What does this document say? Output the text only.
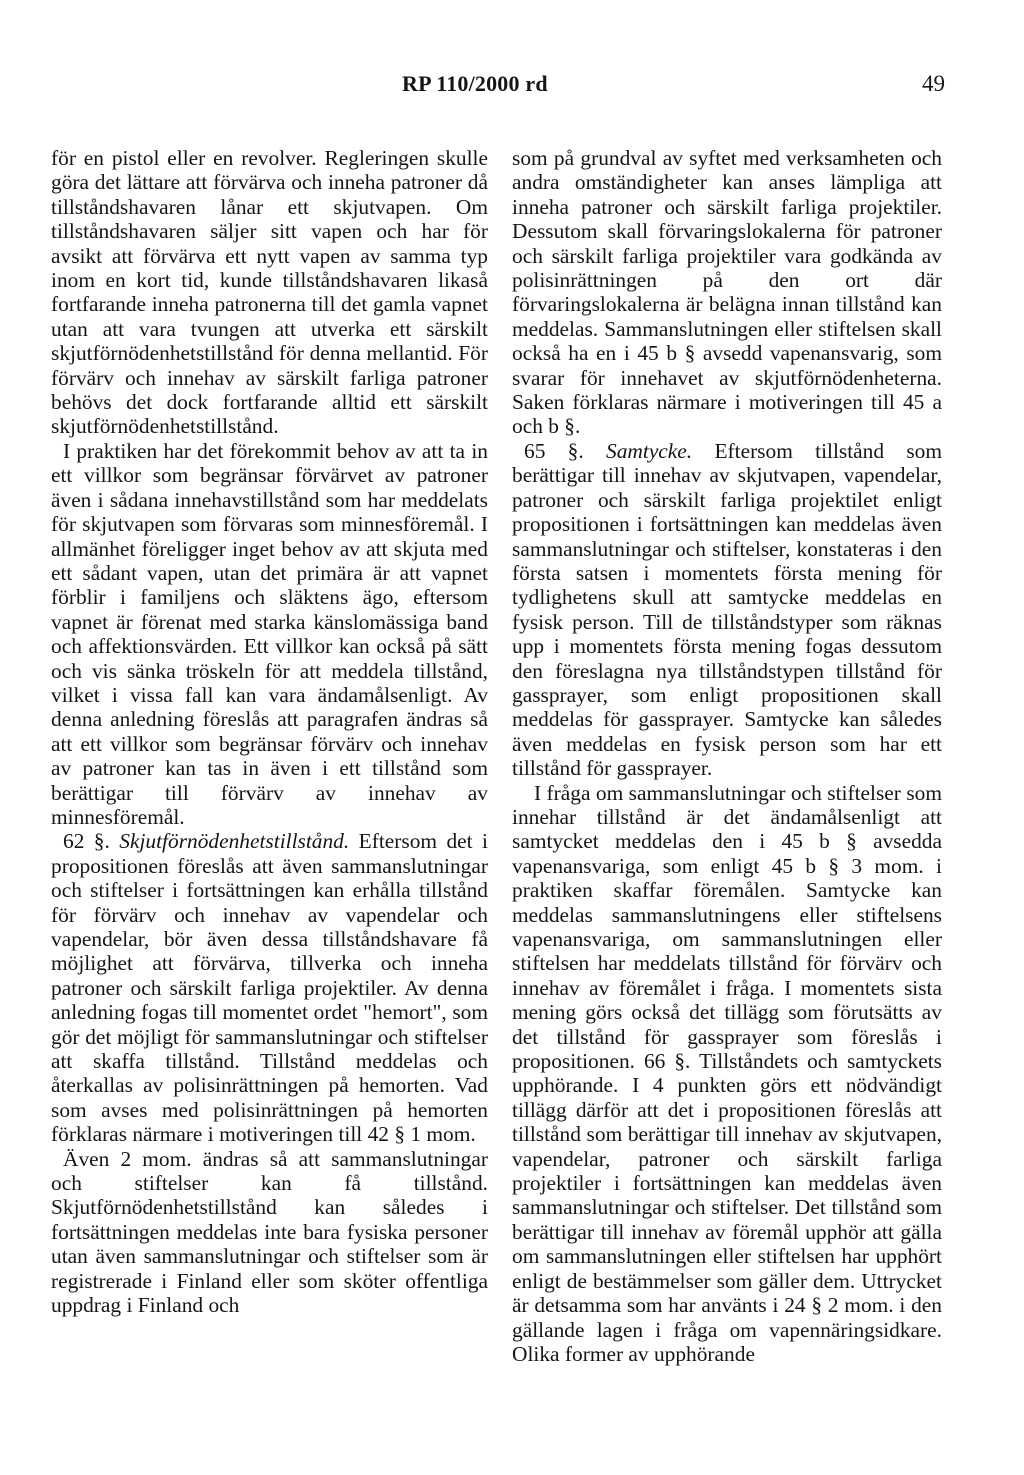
RP 110/2000 rd	49

för en pistol eller en revolver. Regleringen skulle göra det lättare att förvärva och inneha patroner då tillståndshavaren lånar ett skjutvapen. Om tillståndshavaren säljer sitt vapen och har för avsikt att förvärva ett nytt vapen av samma typ inom en kort tid, kunde tillståndshavaren likaså fortfarande inneha patronerna till det gamla vapnet utan att vara tvungen att utverka ett särskilt skjutförnödenhetstillstånd för denna mellantid. För förvärv och innehav av särskilt farliga patroner behövs det dock fortfarande alltid ett särskilt skjutförnödenhetstillstånd.

I praktiken har det förekommit behov av att ta in ett villkor som begränsar förvärvet av patroner även i sådana innehavstillstånd som har meddelats för skjutvapen som förvaras som minnesföremål. I allmänhet föreligger inget behov av att skjuta med ett sådant vapen, utan det primära är att vapnet förblir i familjens och släktens ägo, eftersom vapnet är förenat med starka känslomässiga band och affektionsvärden. Ett villkor kan också på sätt och vis sänka tröskeln för att meddela tillstånd, vilket i vissa fall kan vara ändamålsenligt. Av denna anledning föreslås att paragrafen ändras så att ett villkor som begränsar förvärv och innehav av patroner kan tas in även i ett tillstånd som berättigar till förvärv av innehav av minnesföremål.

62 §. Skjutförnödenhetstillstånd. Eftersom det i propositionen föreslås att även sammanslutningar och stiftelser i fortsättningen kan erhålla tillstånd för förvärv och innehav av vapendelar och vapendelar, bör även dessa tillståndshavare få möjlighet att förvärva, tillverka och inneha patroner och särskilt farliga projektiler. Av denna anledning fogas till momentet ordet "hemort", som gör det möjligt för sammanslutningar och stiftelser att skaffa tillstånd. Tillstånd meddelas och återkallas av polisinrättningen på hemorten. Vad som avses med polisinrättningen på hemorten förklaras närmare i motiveringen till 42 § 1 mom.

Även 2 mom. ändras så att sammanslutningar och stiftelser kan få tillstånd. Skjutförnödenhetstillstånd kan således i fortsättningen meddelas inte bara fysiska personer utan även sammanslutningar och stiftelser som är registrerade i Finland eller som sköter offentliga uppdrag i Finland och

som på grundval av syftet med verksamheten och andra omständigheter kan anses lämpliga att inneha patroner och särskilt farliga projektiler. Dessutom skall förvaringslokalerna för patroner och särskilt farliga projektiler vara godkända av polisinrättningen på den ort där förvaringslokalerna är belägna innan tillstånd kan meddelas. Sammanslutningen eller stiftelsen skall också ha en i 45 b § avsedd vapenansvarig, som svarar för innehavet av skjutförnödenheterna. Saken förklaras närmare i motiveringen till 45 a och b §.

65 §. Samtycke. Eftersom tillstånd som berättigar till innehav av skjutvapen, vapendelar, patroner och särskilt farliga projektilet enligt propositionen i fortsättningen kan meddelas även sammanslutningar och stiftelser, konstateras i den första satsen i momentets första mening för tydlighetens skull att samtycke meddelas en fysisk person. Till de tillståndstyper som räknas upp i momentets första mening fogas dessutom den föreslagna nya tillståndstypen tillstånd för gassprayer, som enligt propositionen skall meddelas för gassprayer. Samtycke kan således även meddelas en fysisk person som har ett tillstånd för gassprayer.

I fråga om sammanslutningar och stiftelser som innehar tillstånd är det ändamålsenligt att samtycket meddelas den i 45 b § avsedda vapenansvariga, som enligt 45 b § 3 mom. i praktiken skaffar föremålen. Samtycke kan meddelas sammanslutningens eller stiftelsens vapenansvariga, om sammanslutningen eller stiftelsen har meddelats tillstånd för förvärv och innehav av föremålet i fråga. I momentets sista mening görs också det tillägg som förutsätts av det tillstånd för gassprayer som föreslås i propositionen. 66 §. Tillståndets och samtyckets upphörande. I 4 punkten görs ett nödvändigt tillägg därför att det i propositionen föreslås att tillstånd som berättigar till innehav av skjutvapen, vapendelar, patroner och särskilt farliga projektiler i fortsättningen kan meddelas även sammanslutningar och stiftelser. Det tillstånd som berättigar till innehav av föremål upphör att gälla om sammanslutningen eller stiftelsen har upphört enligt de bestämmelser som gäller dem. Uttrycket är detsamma som har använts i 24 § 2 mom. i den gällande lagen i fråga om vapennäringsidkare. Olika former av upphörande
